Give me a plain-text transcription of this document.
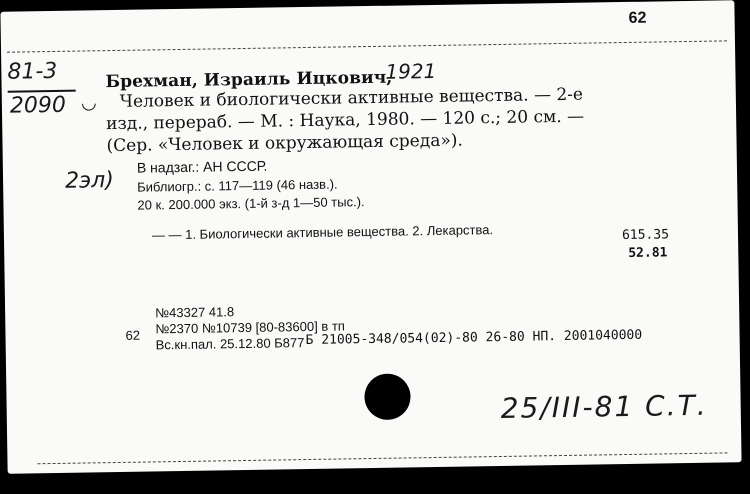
62
81-3
2090 ◡
Брехман, Израиль Ицкович,
1921
Человек и биологически активные вещества. — 2-е
изд., перераб. — М. : Наука, 1980. — 120 с.; 20 см. —
(Сер. «Человек и окружающая среда»).
2эл)
В надзаг.: АН СССР.
Библиогр.: с. 117—119 (46 назв.).
20 к. 200.000 экз. (1-й з-д 1—50 тыс.).
— — 1. Биологически активные вещества. 2. Лекарства.	615.35
52.81
№43327 41.8
62 №2370 №10739 [80-83600] в тп
Вс.кн.пал. 25.12.80 Б877 Б 21005-348/054(02)-80 26-80 НП. 2001040000
25/III-81 С.Т.
